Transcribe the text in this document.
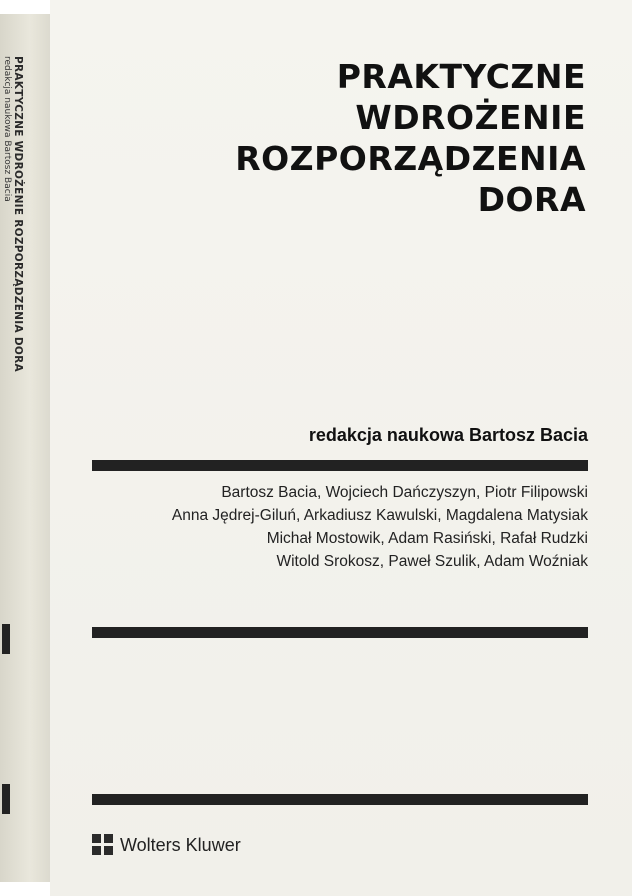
PRAKTYCZNE WDROŻENIE ROZPORZĄDZENIA DORA
redakcja naukowa Bartosz Bacia	PRAKTYCZNE
WDROŻENIE
ROZPORZĄDZENIA
DORA
redakcja naukowa Bartosz Bacia
Bartosz Bacia, Wojciech Dańczyszyn, Piotr Filipowski
Anna Jędrej-Giluń, Arkadiusz Kawulski, Magdalena Matysiak
Michał Mostowik, Adam Rasiński, Rafał Rudzki
Witold Srokosz, Paweł Szulik, Adam Woźniak
Wolters Kluwer
